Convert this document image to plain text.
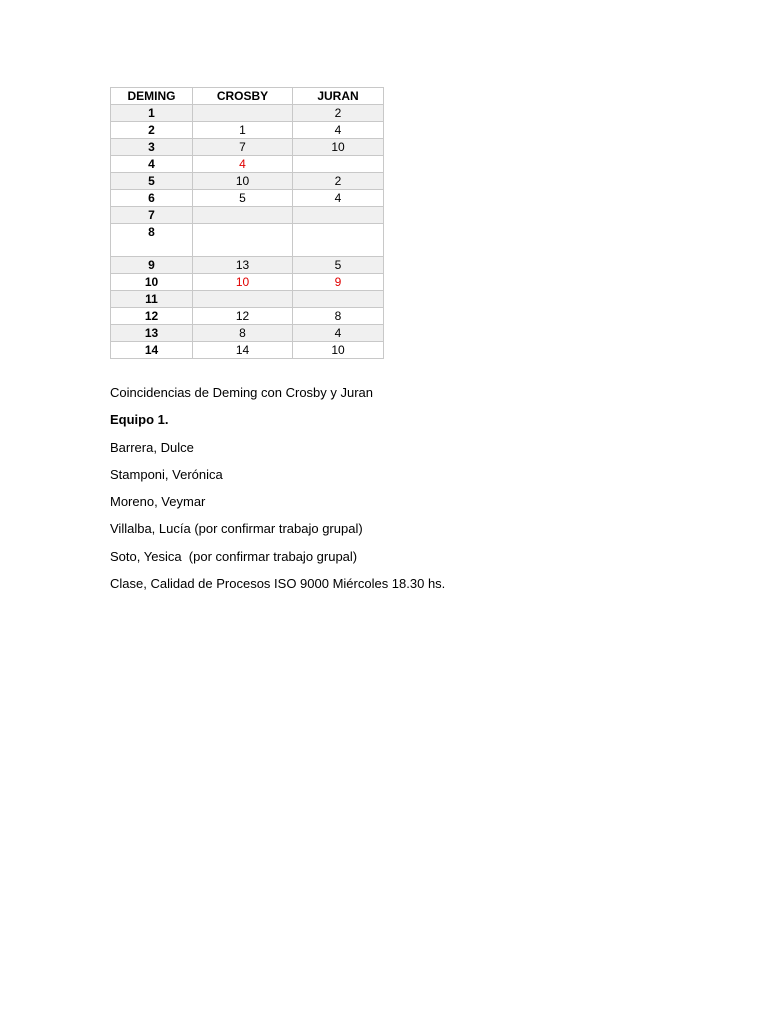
DEMING	CROSBY	JURAN
1		2
2	1	4
3	7	10
4	4	
5	10	2
6	5	4
7		
8		
9	13	5
10	10	9
11		
12	12	8
13	8	4
14	14	10

Coincidencias de Deming con Crosby y Juran

Equipo 1.

Barrera, Dulce

Stamponi, Verónica

Moreno, Veymar

Villalba, Lucía (por confirmar trabajo grupal)

Soto, Yesica  (por confirmar trabajo grupal)

Clase, Calidad de Procesos ISO 9000 Miércoles 18.30 hs.
